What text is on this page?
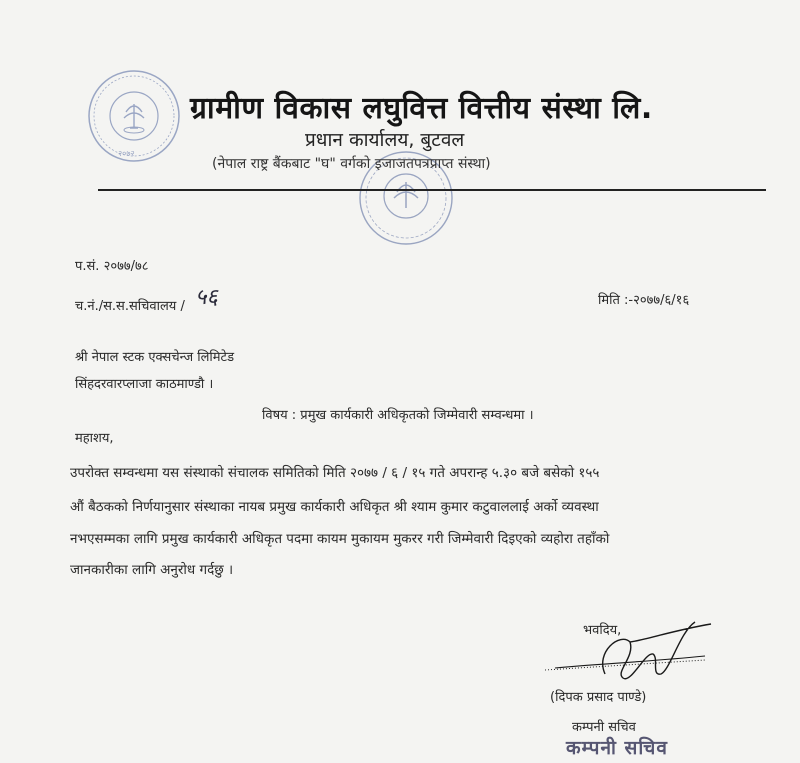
२०७२
ग्रामीण विकास लघुवित्त वित्तीय संस्था लि.
प्रधान कार्यालय, बुटवल
(नेपाल राष्ट्र बैंकबाट "घ" वर्गको इजाजतपत्रप्राप्त संस्था)
प.सं. २०७७/७८
च.नं./स.स.सचिवालय / ५६	मिति :-२०७७/६/१६
श्री नेपाल स्टक एक्सचेन्ज लिमिटेड
सिंहदरवारप्लाजा काठमाण्डौ ।
विषय : प्रमुख कार्यकारी अधिकृतको जिम्मेवारी सम्वन्धमा ।
महाशय,
उपरोक्त सम्वन्धमा यस संस्थाको संचालक समितिको मिति २०७७ / ६ / १५ गते अपरान्ह ५.३० बजे बसेको १५५
औं बैठकको निर्णयानुसार संस्थाका नायब प्रमुख कार्यकारी अधिकृत श्री श्याम कुमार कटुवाललाई अर्को व्यवस्था
नभएसम्मका लागि प्रमुख कार्यकारी अधिकृत पदमा कायम मुकायम मुकरर गरी जिम्मेवारी दिइएको व्यहोरा तहाँको
जानकारीका लागि अनुरोध गर्दछु ।
भवदिय,
(दिपक प्रसाद पाण्डे)
कम्पनी सचिव
कम्पनी सचिव
